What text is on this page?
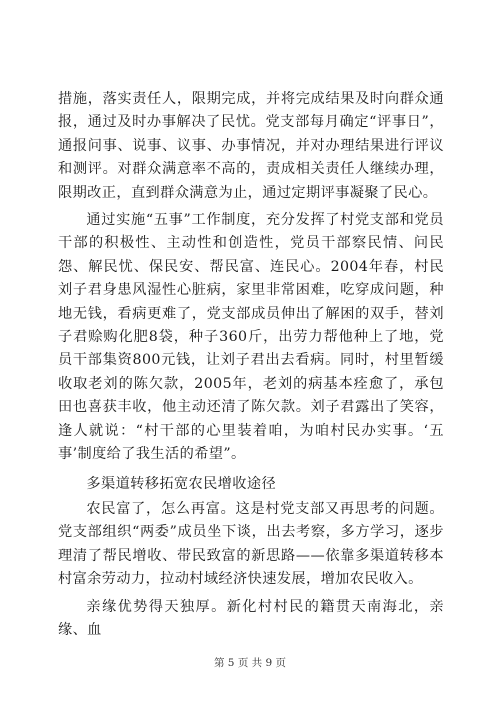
措施，落实责任人，限期完成，并将完成结果及时向群众通报，通过及时办事解决了民忧。党支部每月确定“评事日”，通报问事、说事、议事、办事情况，并对办理结果进行评议和测评。对群众满意率不高的，责成相关责任人继续办理，限期改正，直到群众满意为止，通过定期评事凝聚了民心。

通过实施“五事”工作制度，充分发挥了村党支部和党员干部的积极性、主动性和创造性，党员干部察民情、问民怨、解民忧、保民安、帮民富、连民心。2004年春，村民刘子君身患风湿性心脏病，家里非常困难，吃穿成问题，种地无钱，看病更难了，党支部成员伸出了解困的双手，替刘子君赊购化肥8袋，种子360斤，出劳力帮他种上了地，党员干部集资800元钱，让刘子君出去看病。同时，村里暂缓收取老刘的陈欠款，2005年，老刘的病基本痊愈了，承包田也喜获丰收，他主动还清了陈欠款。刘子君露出了笑容，逢人就说：“村干部的心里装着咱，为咱村民办实事。‘五事’制度给了我生活的希望”。

多渠道转移拓宽农民增收途径

农民富了，怎么再富。这是村党支部又再思考的问题。党支部组织“两委”成员坐下谈，出去考察，多方学习，逐步理清了帮民增收、带民致富的新思路——依靠多渠道转移本村富余劳动力，拉动村域经济快速发展，增加农民收入。

亲缘优势得天独厚。新化村村民的籍贯天南海北，亲缘、血

第 5 页 共 9 页
